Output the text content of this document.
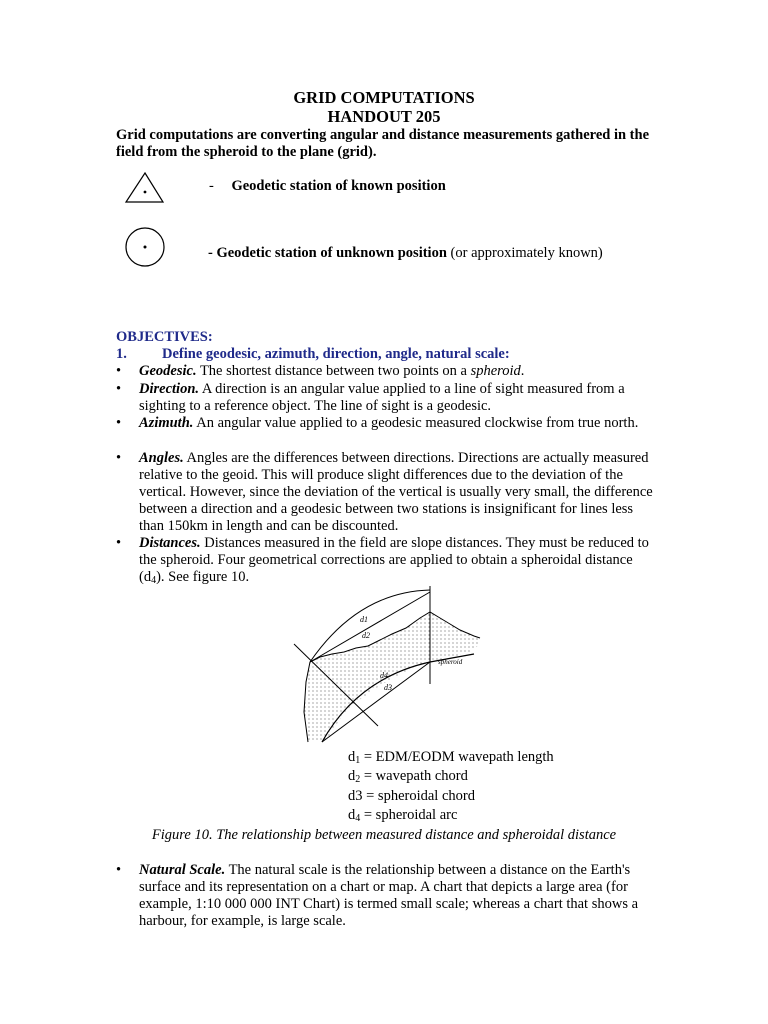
GRID COMPUTATIONS
HANDOUT 205
Grid computations are converting angular and distance measurements gathered in the field from the spheroid to the plane (grid).
- Geodetic station of known position
- Geodetic station of unknown position (or approximately known)
OBJECTIVES:
1. Define geodesic, azimuth, direction, angle, natural scale:
•	Geodesic. The shortest distance between two points on a spheroid.
•	Direction. A direction is an angular value applied to a line of sight measured from a sighting to a reference object. The line of sight is a geodesic.
•	Azimuth. An angular value applied to a geodesic measured clockwise from true north.
•	Angles. Angles are the differences between directions. Directions are actually measured relative to the geoid. This will produce slight differences due to the deviation of the vertical. However, since the deviation of the vertical is usually very small, the difference between a direction and a geodesic between two stations is insignificant for lines less than 150km in length and can be discounted.
•	Distances. Distances measured in the field are slope distances. They must be reduced to the spheroid. Four geometrical corrections are applied to obtain a spheroidal distance $(d_4)$. See figure 10.
d1
d2
d3
d4
spheroid
$d_1$ = EDM/EODM wavepath length
$d_2$ = wavepath chord
d3 = spheroidal chord
$d_4$ = spheroidal arc
Figure 10. The relationship between measured distance and spheroidal distance
•	Natural Scale. The natural scale is the relationship between a distance on the Earth's surface and its representation on a chart or map. A chart that depicts a large area (for example, 1:10 000 000 INT Chart) is termed small scale; whereas a chart that shows a harbour, for example, is large scale.
